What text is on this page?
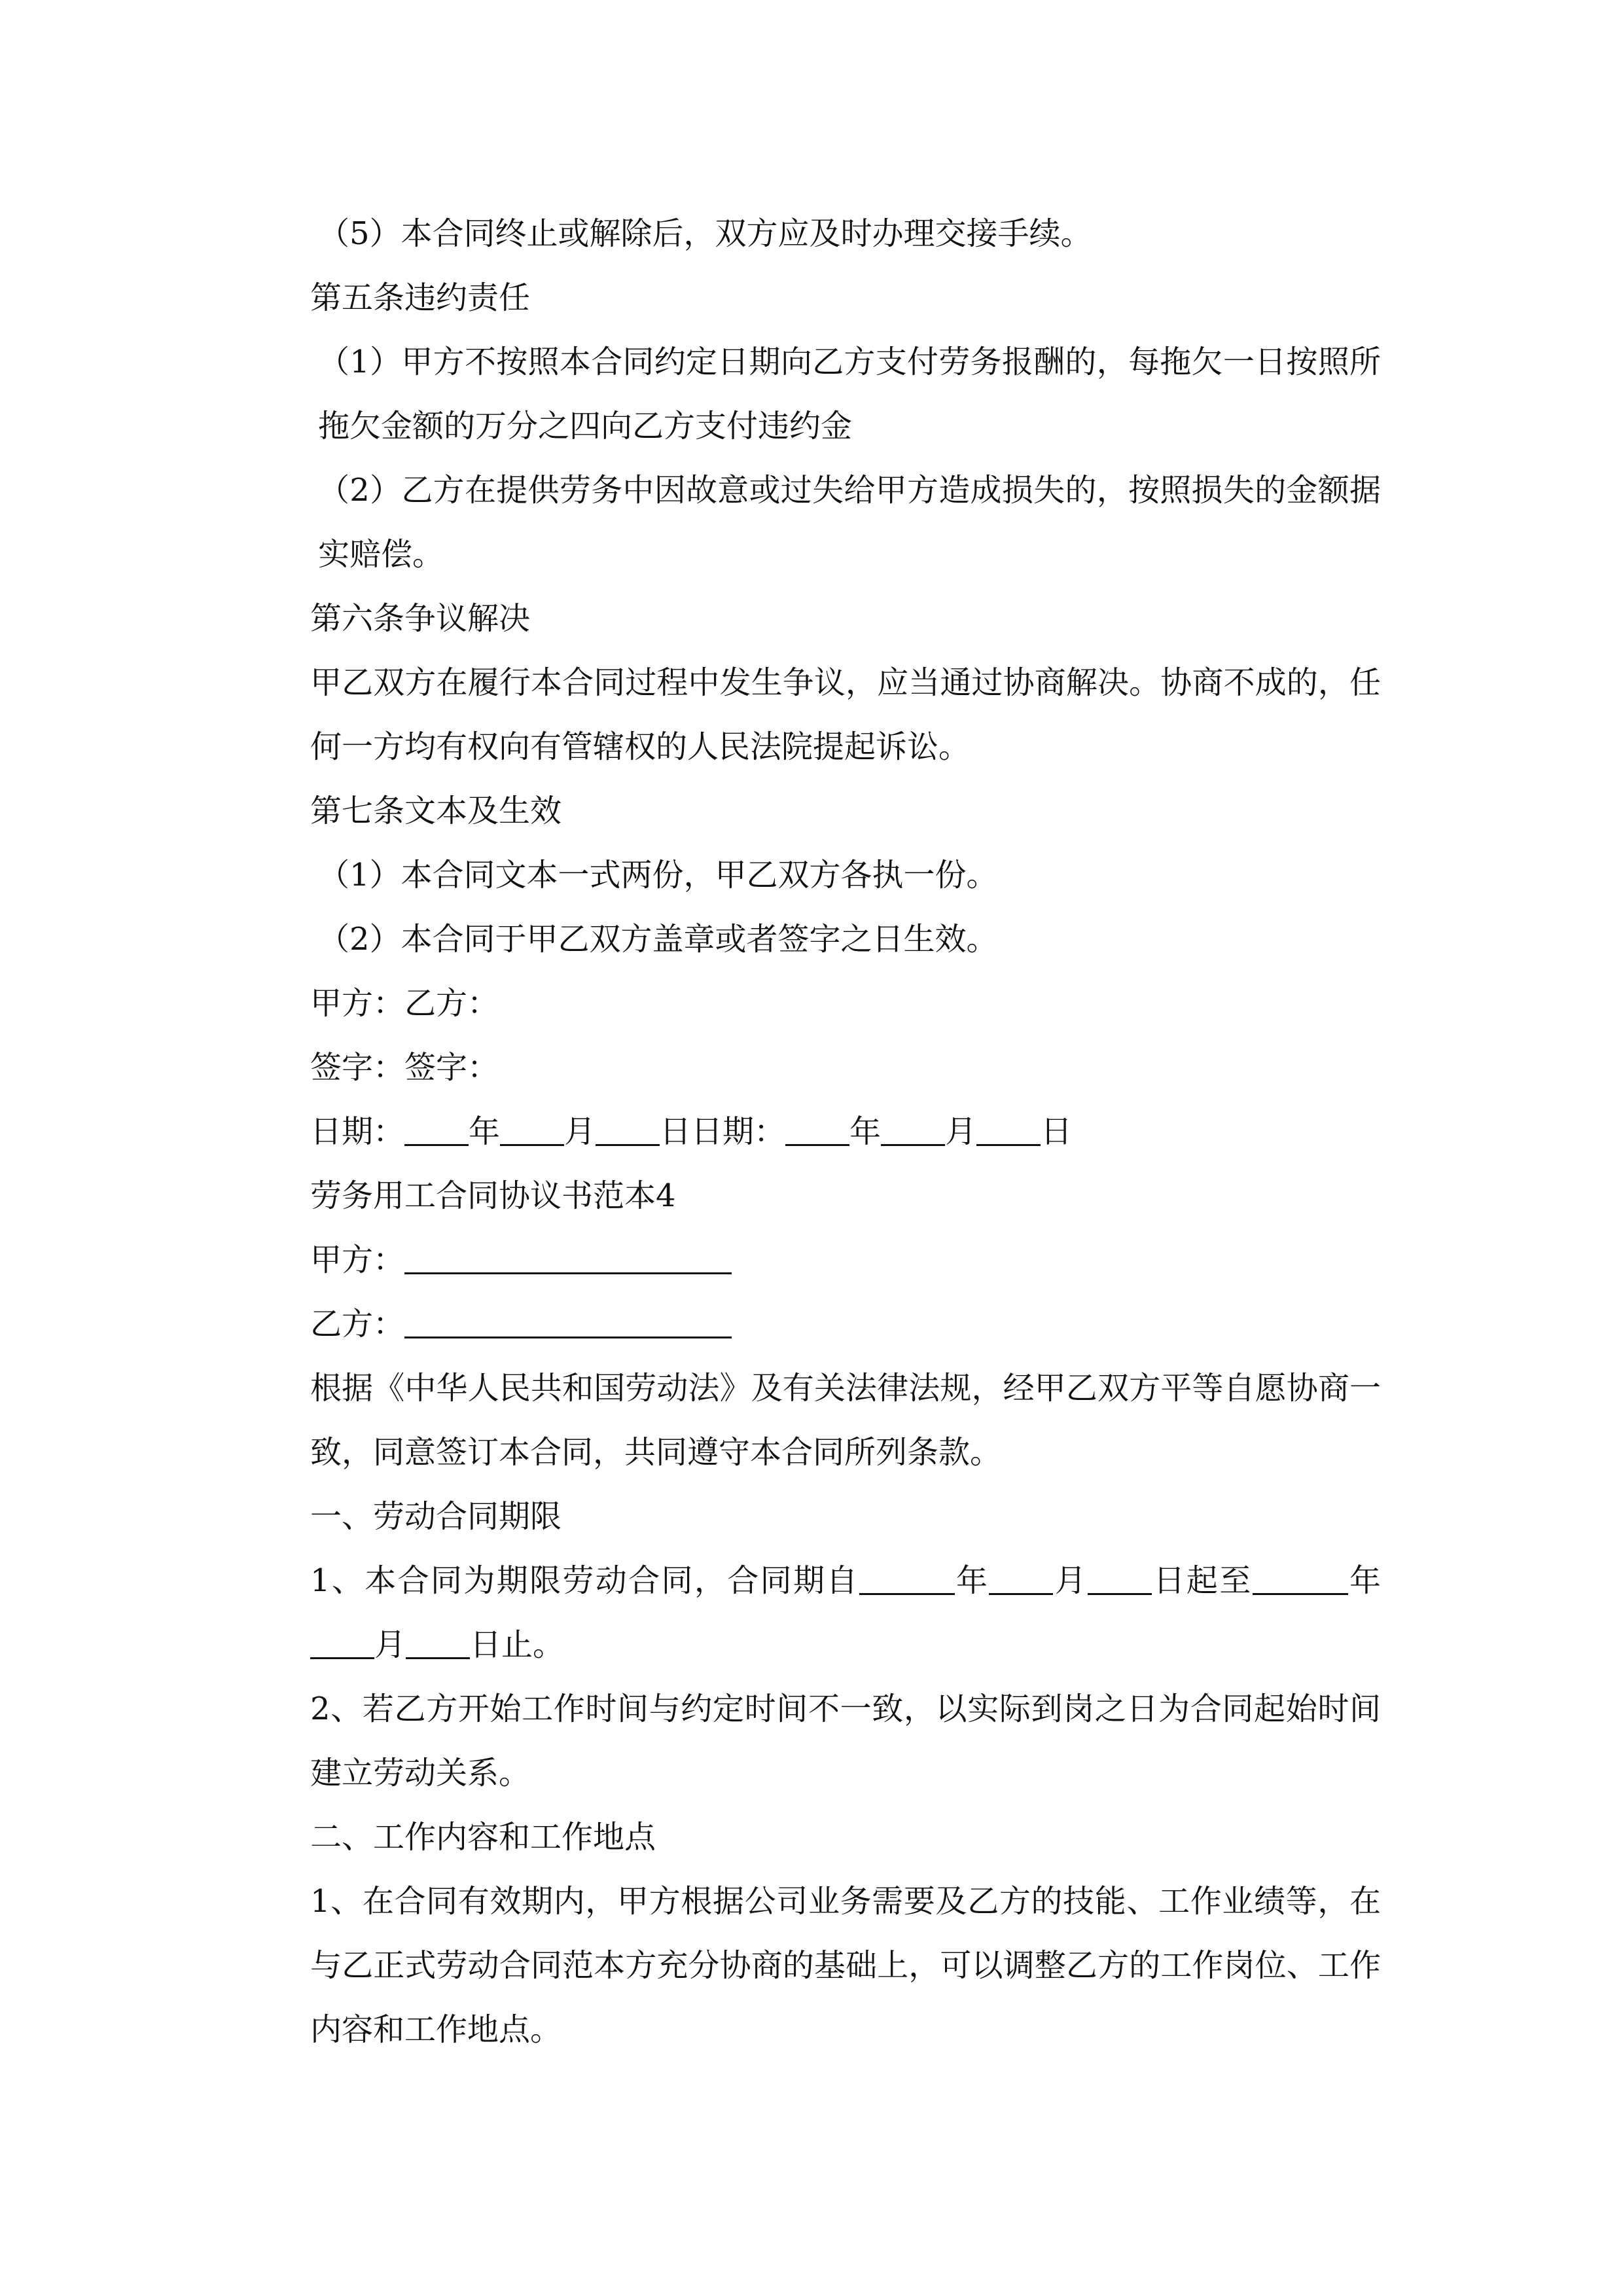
（5）本合同终止或解除后，双方应及时办理交接手续。

第五条违约责任

（1）甲方不按照本合同约定日期向乙方支付劳务报酬的，每拖欠一日按照所拖欠金额的万分之四向乙方支付违约金

（2）乙方在提供劳务中因故意或过失给甲方造成损失的，按照损失的金额据实赔偿。

第六条争议解决

甲乙双方在履行本合同过程中发生争议，应当通过协商解决。协商不成的，任何一方均有权向有管辖权的人民法院提起诉讼。

第七条文本及生效

（1）本合同文本一式两份，甲乙双方各执一份。

（2）本合同于甲乙双方盖章或者签字之日生效。

甲方：乙方：

签字：签字：

日期： 年 月 日日期： 年 月 日

劳务用工合同协议书范本4

甲方：

乙方：

根据《中华人民共和国劳动法》及有关法律法规，经甲乙双方平等自愿协商一致，同意签订本合同，共同遵守本合同所列条款。

一、劳动合同期限

1、本合同为期限劳动合同，合同期自	年 月 日起至	年月 日止。

2、若乙方开始工作时间与约定时间不一致，以实际到岗之日为合同起始时间建立劳动关系。

二、工作内容和工作地点

1、在合同有效期内，甲方根据公司业务需要及乙方的技能、工作业绩等，在与乙正式劳动合同范本方充分协商的基础上，可以调整乙方的工作岗位、工作内容和工作地点。
